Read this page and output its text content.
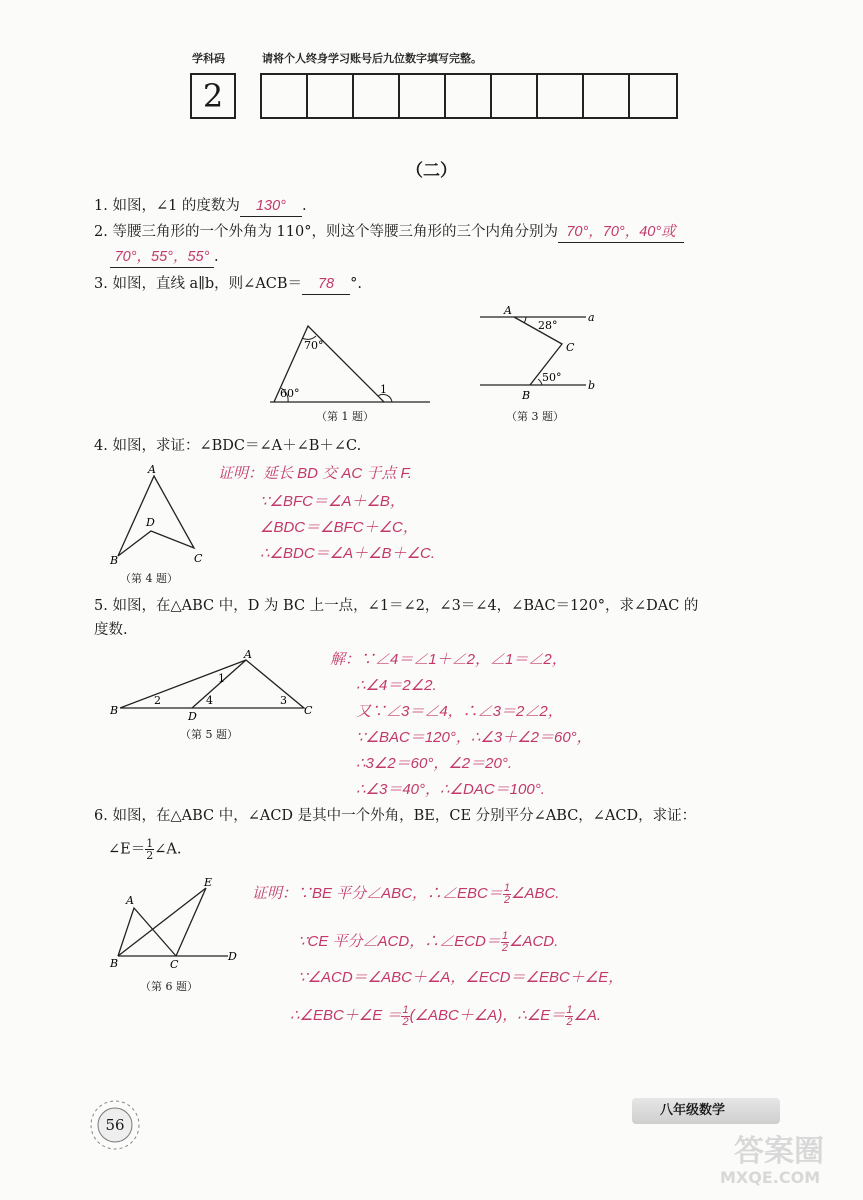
学科码	请将个人终身学习账号后九位数字填写完整。
2
（二）
1. 如图，∠1 的度数为 130° .
2. 等腰三角形的一个外角为 110°，则这个等腰三角形的三个内角分别为 70°，70°，40°或
70°，55°，55° .
3. 如图，直线 a∥b，则∠ACB＝ 78 °.
70°
60°	1
（第 1 题）
A
a
28°
C
50°
b
B
（第 3 题）
4. 如图，求证：∠BDC＝∠A＋∠B＋∠C.
A
D
B	C
（第 4 题）
证明：延长 BD 交 AC 于点 F.
∵∠BFC＝∠A＋∠B，
∠BDC＝∠BFC＋∠C，
∴∠BDC＝∠A＋∠B＋∠C.
5. 如图，在△ABC 中，D 为 BC 上一点，∠1＝∠2，∠3＝∠4，∠BAC＝120°，求∠DAC 的
度数.
A
B	C
D
1
2	3
4
（第 5 题）
解：∵∠4＝∠1＋∠2，∠1＝∠2，
∴∠4＝2∠2.
又∵∠3＝∠4，∴∠3＝2∠2，
∵∠BAC＝120°，∴∠3＋∠2＝60°，
∴3∠2＝60°，∠2＝20°.
∴∠3＝40°，∴∠DAC＝100°.
6. 如图，在△ABC 中，∠ACD 是其中一个外角，BE，CE 分别平分∠ABC，∠ACD，求证：
∠E＝ $\frac{1}{2}$ ∠A.
A
E
B	C
D
（第 6 题）
证明：∵BE 平分∠ABC，∴∠EBC＝ $\frac{1}{2}$ ∠ABC.
∵CE 平分∠ACD，∴∠ECD＝ $\frac{1}{2}$ ∠ACD.
∵∠ACD＝∠ABC＋∠A，∠ECD＝∠EBC＋∠E，
∴∠EBC＋∠E ＝ $\frac{1}{2}$ (∠ABC＋∠A)，∴∠E＝ $\frac{1}{2}$ ∠A.
56
八年级数学
答案圈
MXQE.COM
